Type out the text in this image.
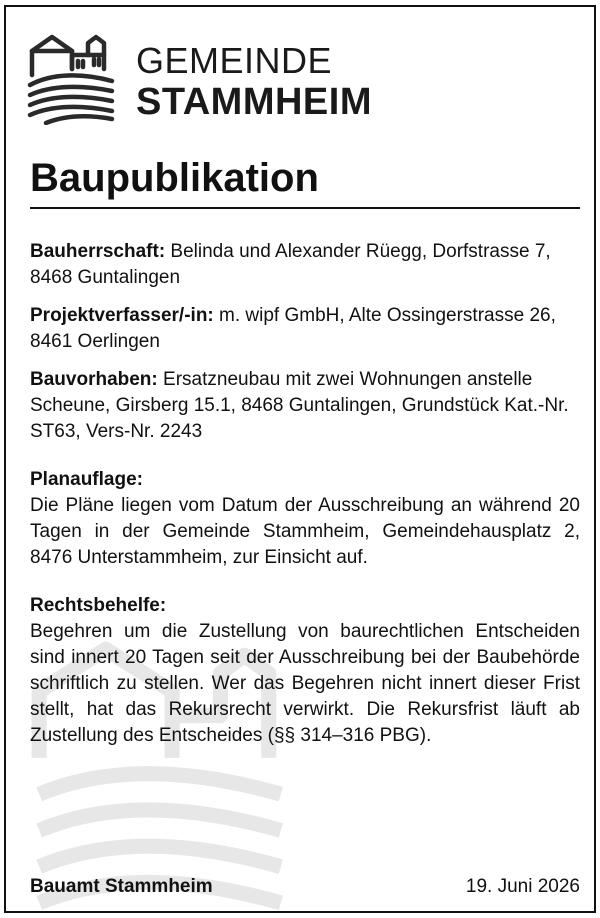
GEMEINDE
STAMMHEIM
Baupublikation

Bauherrschaft: Belinda und Alexander Rüegg, Dorfstrasse 7, 8468 Guntalingen

Projektverfasser/-in: m. wipf GmbH, Alte Ossingerstrasse 26, 8461 Oerlingen

Bauvorhaben: Ersatzneubau mit zwei Wohnungen anstelle Scheune, Girsberg 15.1, 8468 Guntalingen, Grundstück Kat.-Nr. ST63, Vers-Nr. 2243

Planauflage:

Die Pläne liegen vom Datum der Ausschreibung an während 20 Tagen in der Gemeinde Stammheim, Gemeindehausplatz 2, 8476 Unterstammheim, zur Einsicht auf.

Rechtsbehelfe:

Begehren um die Zustellung von baurechtlichen Entscheiden sind innert 20 Tagen seit der Ausschreibung bei der Baubehörde schriftlich zu stellen. Wer das Begehren nicht innert dieser Frist stellt, hat das Rekursrecht verwirkt. Die Rekursfrist läuft ab Zustellung des Entscheides (§§ 314–316 PBG).

Bauamt Stammheim	19. Juni 2026
